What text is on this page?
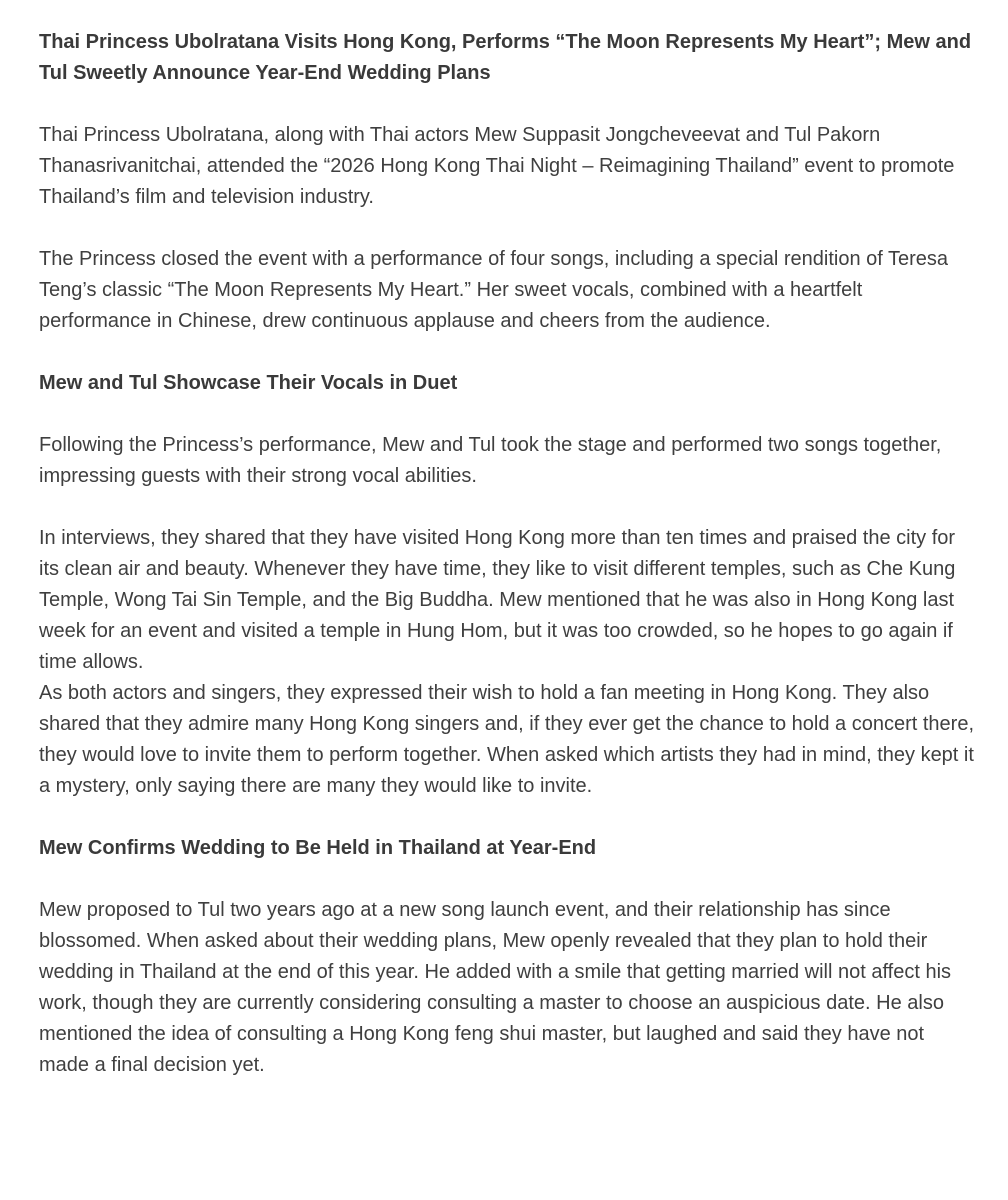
Thai Princess Ubolratana Visits Hong Kong, Performs “The Moon Represents My Heart”; Mew and Tul Sweetly Announce Year-End Wedding Plans

Thai Princess Ubolratana, along with Thai actors Mew Suppasit Jongcheveevat and Tul Pakorn Thanasrivanitchai, attended the “2026 Hong Kong Thai Night – Reimagining Thailand” event to promote Thailand’s film and television industry.

The Princess closed the event with a performance of four songs, including a special rendition of Teresa Teng’s classic “The Moon Represents My Heart.” Her sweet vocals, combined with a heartfelt performance in Chinese, drew continuous applause and cheers from the audience.

Mew and Tul Showcase Their Vocals in Duet

Following the Princess’s performance, Mew and Tul took the stage and performed two songs together, impressing guests with their strong vocal abilities.

In interviews, they shared that they have visited Hong Kong more than ten times and praised the city for its clean air and beauty. Whenever they have time, they like to visit different temples, such as Che Kung Temple, Wong Tai Sin Temple, and the Big Buddha. Mew mentioned that he was also in Hong Kong last week for an event and visited a temple in Hung Hom, but it was too crowded, so he hopes to go again if time allows.

As both actors and singers, they expressed their wish to hold a fan meeting in Hong Kong. They also shared that they admire many Hong Kong singers and, if they ever get the chance to hold a concert there, they would love to invite them to perform together. When asked which artists they had in mind, they kept it a mystery, only saying there are many they would like to invite.

Mew Confirms Wedding to Be Held in Thailand at Year-End

Mew proposed to Tul two years ago at a new song launch event, and their relationship has since blossomed. When asked about their wedding plans, Mew openly revealed that they plan to hold their wedding in Thailand at the end of this year. He added with a smile that getting married will not affect his work, though they are currently considering consulting a master to choose an auspicious date. He also mentioned the idea of consulting a Hong Kong feng shui master, but laughed and said they have not made a final decision yet.
